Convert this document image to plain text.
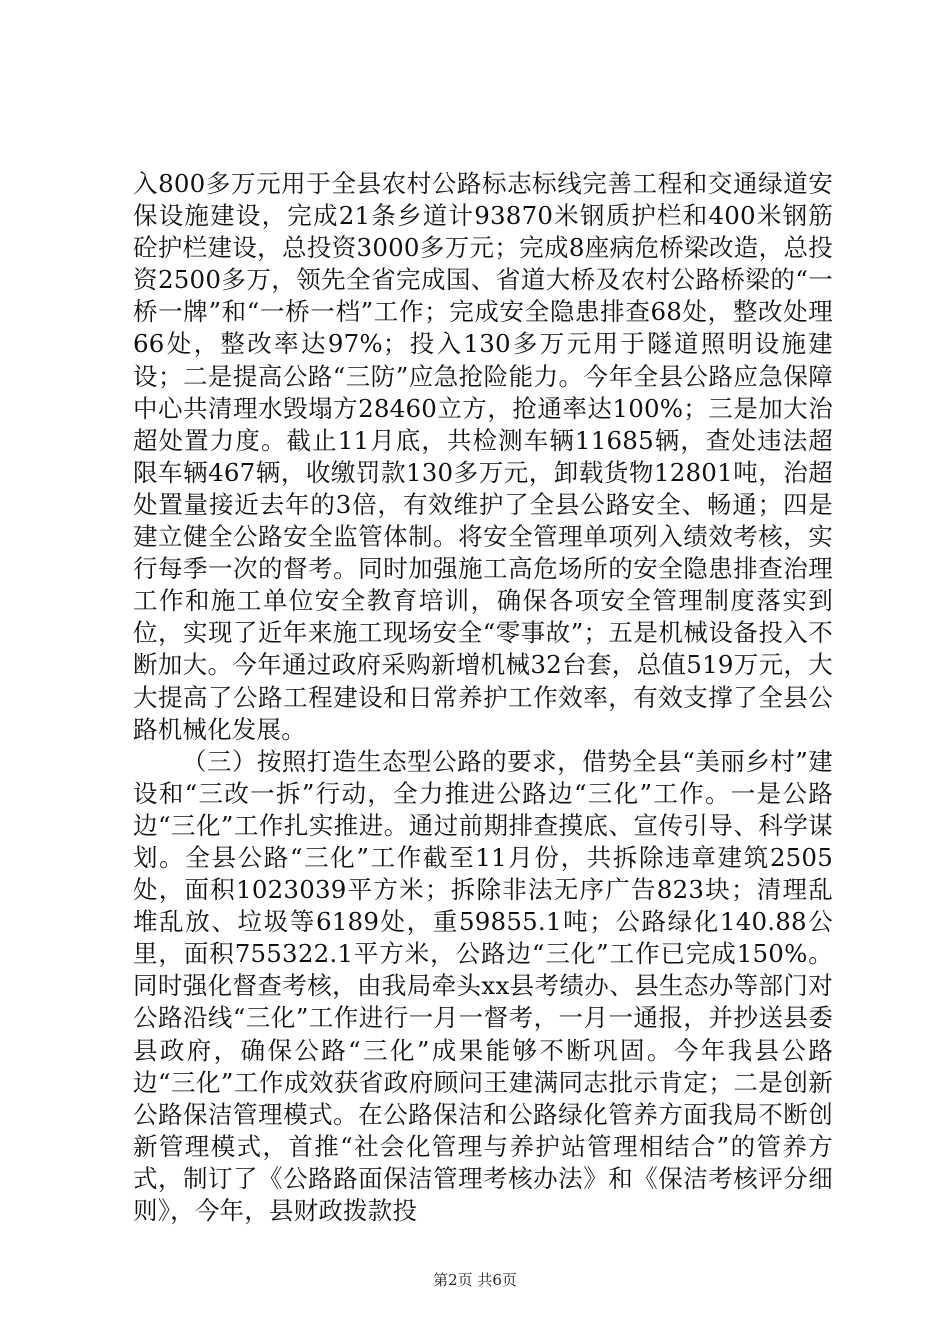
入800多万元用于全县农村公路标志标线完善工程和交通绿道安保设施建设，完成21条乡道计93870米钢质护栏和400米钢筋砼护栏建设，总投资3000多万元；完成8座病危桥梁改造，总投资2500多万，领先全省完成国、省道大桥及农村公路桥梁的“一桥一牌”和“一桥一档”工作；完成安全隐患排查68处，整改处理66处，整改率达97%；投入130多万元用于隧道照明设施建设；二是提高公路“三防”应急抢险能力。今年全县公路应急保障中心共清理水毁塌方28460立方，抢通率达100%；三是加大治超处置力度。截止11月底，共检测车辆11685辆，查处违法超限车辆467辆，收缴罚款130多万元，卸载货物12801吨，治超处置量接近去年的3倍，有效维护了全县公路安全、畅通；四是建立健全公路安全监管体制。将安全管理单项列入绩效考核，实行每季一次的督考。同时加强施工高危场所的安全隐患排查治理工作和施工单位安全教育培训，确保各项安全管理制度落实到位，实现了近年来施工现场安全“零事故”；五是机械设备投入不断加大。今年通过政府采购新增机械32台套，总值519万元，大大提高了公路工程建设和日常养护工作效率，有效支撑了全县公路机械化发展。

（三）按照打造生态型公路的要求，借势全县“美丽乡村”建设和“三改一拆”行动，全力推进公路边“三化”工作。一是公路边“三化”工作扎实推进。通过前期排查摸底、宣传引导、科学谋划。全县公路“三化”工作截至11月份，共拆除违章建筑2505处，面积1023039平方米；拆除非法无序广告823块；清理乱堆乱放、垃圾等6189处，重59855.1吨；公路绿化140.88公里，面积755322.1平方米，公路边“三化”工作已完成150%。同时强化督查考核，由我局牵头xx县考绩办、县生态办等部门对公路沿线“三化”工作进行一月一督考，一月一通报，并抄送县委县政府，确保公路“三化”成果能够不断巩固。今年我县公路边“三化”工作成效获省政府顾问王建满同志批示肯定；二是创新公路保洁管理模式。在公路保洁和公路绿化管养方面我局不断创新管理模式，首推“社会化管理与养护站管理相结合”的管养方式，制订了《公路路面保洁管理考核办法》和《保洁考核评分细则》，今年，县财政拨款投

第2页 共6页
